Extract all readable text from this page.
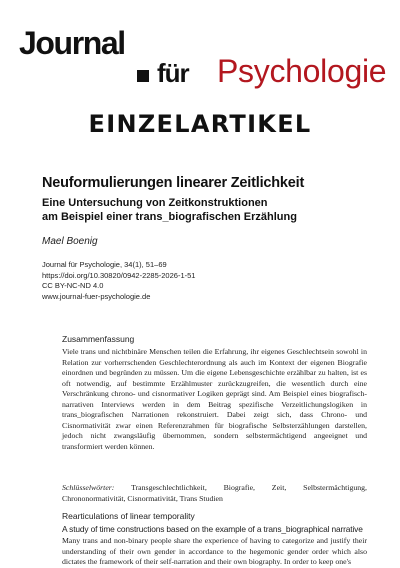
Journal
für Psychologie
EINZELARTIKEL
Neuformulierungen linearer Zeitlichkeit
Eine Untersuchung von Zeitkonstruktionen
am Beispiel einer trans_biografischen Erzählung
Mael Boenig
Journal für Psychologie, 34(1), 51–69
https://doi.org/10.30820/0942-2285-2026-1-51
CC BY-NC-ND 4.0
www.journal-fuer-psychologie.de
Zusammenfassung

Viele trans und nichtbinäre Menschen teilen die Erfahrung, ihr eigenes Geschlechtsein sowohl in Relation zur vorherrschenden Geschlechterordnung als auch im Kontext der eigenen Biografie einordnen und begründen zu müssen. Um die eigene Lebensgeschichte erzählbar zu halten, ist es oft notwendig, auf bestimmte Erzählmuster zurückzugreifen, die wesentlich durch eine Verschränkung chrono- und cisnormativer Logiken geprägt sind. Am Beispiel eines biografisch-narrativen Interviews werden in dem Beitrag spezifische Verzeitlichungslogiken in trans_biografischen Narrationen rekonstruiert. Dabei zeigt sich, dass Chrono- und Cisnormativität zwar einen Referenzrahmen für biografische Selbsterzählungen darstellen, jedoch nicht zwangsläufig übernommen, sondern selbstermächtigend angeeignet und transformiert werden können.

Schlüsselwörter: Transgeschlechtlichkeit, Biografie, Zeit, Selbstermächtigung, Chrononormativität, Cisnormativität, Trans Studien

Rearticulations of linear temporality
A study of time constructions based on the example of a trans_biographical narrative

Many trans and non-binary people share the experience of having to categorize and justify their understanding of their own gender in accordance to the hegemonic gender order which also dictates the framework of their self-narration and their own biography. In order to keep one's
